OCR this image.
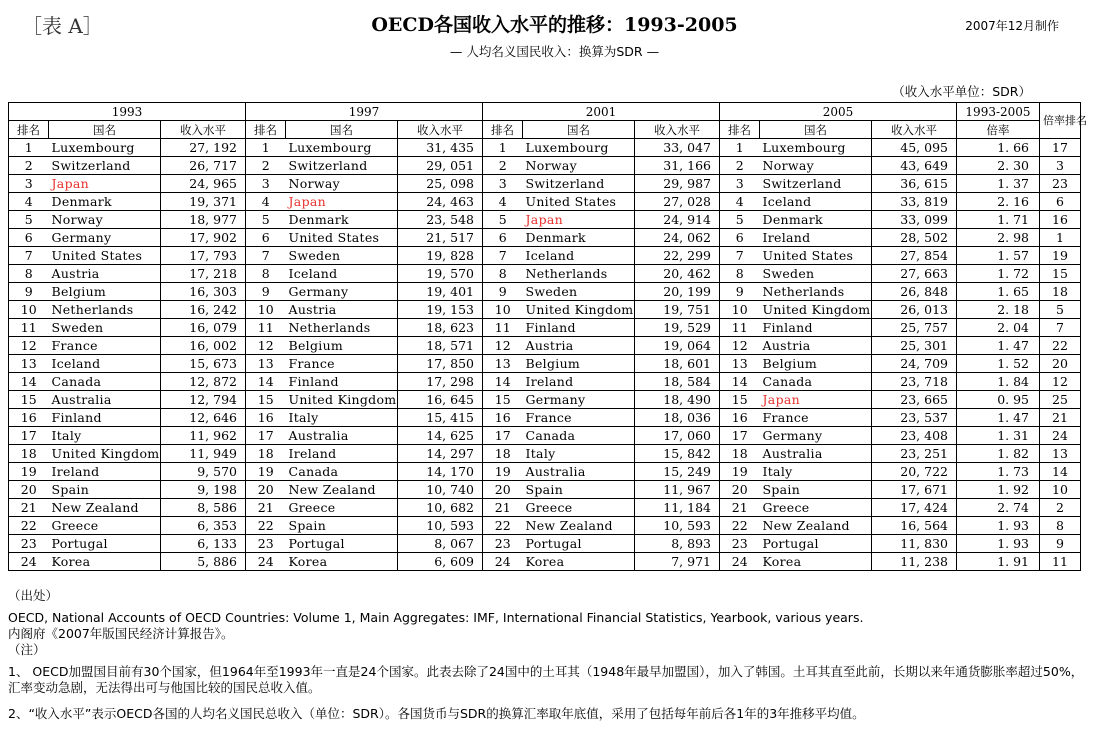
［表 A］	OECD各国收入水平的推移：1993-2005	2007年12月制作
— 人均名义国民收入：换算为SDR —
（收入水平单位：SDR）
1993			1997			2001			2005			1993-2005	倍率排名
排名	国名	收入水平	排名	国名	收入水平	排名	国名	收入水平	排名	国名	收入水平	倍率	
1	Luxembourg	27, 192	1	Luxembourg	31, 435	1	Luxembourg	33, 047	1	Luxembourg	45, 095	1. 66	17
2	Switzerland	26, 717	2	Switzerland	29, 051	2	Norway	31, 166	2	Norway	43, 649	2. 30	3
3	Japan	24, 965	3	Norway	25, 098	3	Switzerland	29, 987	3	Switzerland	36, 615	1. 37	23
4	Denmark	19, 371	4	Japan	24, 463	4	United States	27, 028	4	Iceland	33, 819	2. 16	6
5	Norway	18, 977	5	Denmark	23, 548	5	Japan	24, 914	5	Denmark	33, 099	1. 71	16
6	Germany	17, 902	6	United States	21, 517	6	Denmark	24, 062	6	Ireland	28, 502	2. 98	1
7	United States	17, 793	7	Sweden	19, 828	7	Iceland	22, 299	7	United States	27, 854	1. 57	19
8	Austria	17, 218	8	Iceland	19, 570	8	Netherlands	20, 462	8	Sweden	27, 663	1. 72	15
9	Belgium	16, 303	9	Germany	19, 401	9	Sweden	20, 199	9	Netherlands	26, 848	1. 65	18
10	Netherlands	16, 242	10	Austria	19, 153	10	United Kingdom	19, 751	10	United Kingdom	26, 013	2. 18	5
11	Sweden	16, 079	11	Netherlands	18, 623	11	Finland	19, 529	11	Finland	25, 757	2. 04	7
12	France	16, 002	12	Belgium	18, 571	12	Austria	19, 064	12	Austria	25, 301	1. 47	22
13	Iceland	15, 673	13	France	17, 850	13	Belgium	18, 601	13	Belgium	24, 709	1. 52	20
14	Canada	12, 872	14	Finland	17, 298	14	Ireland	18, 584	14	Canada	23, 718	1. 84	12
15	Australia	12, 794	15	United Kingdom	16, 645	15	Germany	18, 490	15	Japan	23, 665	0. 95	25
16	Finland	12, 646	16	Italy	15, 415	16	France	18, 036	16	France	23, 537	1. 47	21
17	Italy	11, 962	17	Australia	14, 625	17	Canada	17, 060	17	Germany	23, 408	1. 31	24
18	United Kingdom	11, 949	18	Ireland	14, 297	18	Italy	15, 842	18	Australia	23, 251	1. 82	13
19	Ireland	9, 570	19	Canada	14, 170	19	Australia	15, 249	19	Italy	20, 722	1. 73	14
20	Spain	9, 198	20	New Zealand	10, 740	20	Spain	11, 967	20	Spain	17, 671	1. 92	10
21	New Zealand	8, 586	21	Greece	10, 682	21	Greece	11, 184	21	Greece	17, 424	2. 74	2
22	Greece	6, 353	22	Spain	10, 593	22	New Zealand	10, 593	22	New Zealand	16, 564	1. 93	8
23	Portugal	6, 133	23	Portugal	8, 067	23	Portugal	8, 893	23	Portugal	11, 830	1. 93	9
24	Korea	5, 886	24	Korea	6, 609	24	Korea	7, 971	24	Korea	11, 238	1. 91	11

（出处）

OECD, National Accounts of OECD Countries: Volume 1, Main Aggregates: IMF, International Financial Statistics, Yearbook, various years.

内阁府《2007年版国民经济计算报告》。

（注）

1、 OECD加盟国目前有30个国家，但1964年至1993年一直是24个国家。此表去除了24国中的土耳其（1948年最早加盟国），加入了韩国。土耳其直至此前，长期以来年通货膨胀率超过50%， 汇率变动急剧，无法得出可与他国比较的国民总收入值。

2、“收入水平”表示OECD各国的人均名义国民总收入（单位：SDR）。各国货币与SDR的换算汇率取年底值，采用了包括每年前后各1年的3年推移平均值。
